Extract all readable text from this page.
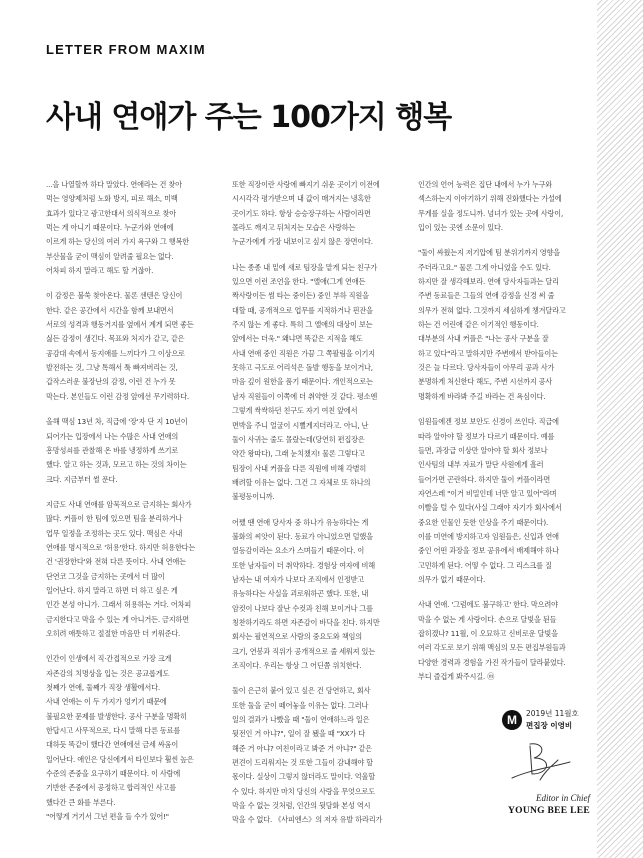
LETTER FROM MAXIM
사내 연애가 주는 100가지 행복

...을 나열할까 하다 말았다. 연애라는 건 찾아
먹는 영양제처럼 노화 방지, 피로 해소, 미백
효과가 있다고 광고한대서 의식적으로 찾아
먹는 게 아니기 때문이다. 누군가와 연애에
이르게 하는 당신의 여러 가지 욕구와 그 행복한
부산물을 굳이 맥심이 알려줄 필요는 없다.
어차피 하지 말라고 해도 할 거잖아.

이 감정은 불쑥 찾아온다. 물론 센텐은 당신이
한다. 같은 공간에서 시간을 함께 보내면서
서로의 성격과 행동거지를 옆에서 계게 되면 좋든
싫든 감정이 생긴다. 목표와 처지가 같고, 같은
공감대 속에서 동지애를 느끼다가 그 이상으로
발전하는 것, 그냥 톡해서 툭 빠져버리는 것,
갑작스러운 불장난의 감정, 이런 건 누가 못
막는다. 본인들도 이런 감정 앞에선 무기력하다.

올해 맥심 13년 차, 직급에 '장'자 단 지 10년이
되어가는 입장에서 나는 수많은 사내 연애의
흥망성쇠를 관찰해 온 바를 냉정하게 쓰기로
했다. 알고 하는 것과, 모르고 하는 것의 차이는
크다. 지금부터 썰 푼다.

지금도 사내 연애를 암묵적으로 금지하는 회사가
많다. 커플이 한 팀에 있으면 팀을 분리하거나
업무 일정을 조정하는 곳도 있다. 맥심은 사내
연애를 명시적으로 '허용'한다. 하지만 허용한다는
건 '권장한다'와 전혀 다른 뜻이다. 사내 연애는
단연코 그것을 금지하는 곳에서 더 많이
일어난다. 하지 말라고 하면 더 하고 싶은 게
인간 본성 아니가. 그래서 허용하는 거다. 어차피
금지한다고 막을 수 있는 게 아니거든. 금지하면
오히려 애틋하고 절절한 마음만 더 키워준다.

인간이 인생에서 직·간접적으로 가장 크게
자존감의 치명상을 입는 것은 공교롭게도
첫째가 연애, 둘째가 직장 생활에서다.
사내 연애는 이 두 가지가 엉키기 때문에
불필요한 문제를 발생한다. 공사 구분을 명확히
한답시고 사무적으로, 다시 말해 다른 동료를
대하듯 똑같이 했다간 연애에선 금세 싸움이
일어난다. 애인은 당신에게서 타인보다 훨씬 높은
수준의 존중을 요구하기 때문이다. 이 사람에
기반한 존중에서 공정하고 합리적인 사고를
했다간 큰 화를 부른다.
"어떻게 거기서 그년 편을 들 수가 있어!"

또한 직장이란 사랑에 빠지기 쉬운 곳이기 이전에
시시각각 평가받으며 내 값이 매겨지는 냉혹한
곳이기도 하다. 항상 승승장구하는 사람이라면
몰라도 깨지고 뒤처지는 모습은 사랑하는
누군가에게 가장 내보이고 싶지 않은 장면이다.

나는 종종 내 밑에 새로 팀장을 맡게 되는 친구가
있으면 이런 조언을 한다. "앨애(그게 연애든
짝사랑이든 썸 타는 중이든) 중인 부하 직원을
대할 때, 공개적으로 업무를 지적하거나 핀잔을
주지 않는 게 좋다. 특히 그 앨애의 대상이 보는
앞에서는 더욱." 왜냐면 똑같은 지적을 해도
사내 연애 중인 직원은 가끔 그 쪽팔림을 이기지
못하고 극도로 어리석은 돌발 행동을 보이거나,
마음 깊이 원한을 품기 때문이다. 개인적으로는
남자 직원들이 이쪽에 더 취약한 것 같다. 평소엔
그렇게 싹싹하던 친구도 자기 여친 앞에서
면박을 주니 얼굴이 시뻘게지더라고. 아니, 난
둘이 사귀는 줄도 몰랐는데(당연히 편집장은
약간 왕따다), 그래 눈치챘지! 물론 그렇다고
팀장이 사내 커플을 다른 직원에 비해 각별히
배려할 이유는 없다. 그건 그 자체로 또 하나의
불평등이니까.

어쨌 땐 연애 당사자 중 하나가 유능하다는 게
불화의 씨앗이 된다. 동료가 아니었으면 덜했을
열등감이라는 요소가 스며들기 때문이다. 이
또한 남자들이 더 취약하다. 경험상 여자에 비해
남자는 내 여자가 나보다 조직에서 인정받고
유능하다는 사실을 괴로워하곤 했다. 또한, 내
암컷이 나보다 잘난 수컷과 친해 보이거나 그를
칭찬하기라도 하면 자존감이 바닥을 친다. 하지만
회사는 필연적으로 사람의 중요도와 책임의
크기, 연봉과 직위가 공개적으로 줄 세워져 있는
조직이다. 우리는 항상 그 어딘쯤 위치한다.

둘이 은근히 붙어 있고 싶은 건 당연하고, 회사
또한 둘을 굳이 떼어놓을 이유는 없다. 그러나
일의 결과가 나빴을 때 "둘이 연애하느라 일은
뒷전인 거 아냐?", 일이 잘 됐을 때 "XX가 다
해준 거 아냐? 여친이라고 봐준 거 아냐?" 같은
편견이 드리워지는 것 또한 그들이 감내해야 할
몫이다. 실상이 그렇지 않더라도 말이다. 억울할
수 있다. 하지만 마치 당신의 사랑을 무엇으로도
막을 수 없는 것처럼, 인간의 뒷담화 본성 역시
막을 수 없다. 《사피엔스》의 저자 유발 하라리가

인간의 언어 능력은 집단 내에서 누가 누구와
섹스하는지 이야기하기 위해 진화했다는 가설에
무게를 실을 정도니까. 넘녀가 있는 곳에 사랑이,
입이 있는 곳엔 소문이 있다.

"둘이 싸웠는지 저기압에 팀 분위기까지 영향을
주더라고요." 물론 그게 아니었을 수도 있다.
하지만 잘 생각해보라. 연애 당사자들과는 달리
주변 동료들은 그들의 연애 감정을 신경 써 줄
의무가 전혀 없다. 그것까지 세심하게 챙겨달라고
하는 건 어린애 같은 이기적인 행동이다.
대부분의 사내 커플은 "나는 공사 구분을 잘
하고 있다"라고 말하지만 주변에서 받아들이는
것은 늘 다르다. 당사자들이 아무리 공과 사가
분명하게 처신한다 해도, 주변 시선까지 공사
명확하게 바라봐 주길 바라는 건 욕심이다.

임원들에겐 정보 보안도 신경이 쓰인다. 직급에
따라 알아야 할 정보가 다르기 때문이다. 예를
들면, 과장급 이상만 알아야 할 회사 정보나
인사팀의 내부 자료가 말단 사원에게 흘러
들어가면 곤란하다. 하지만 둘이 커플이라면
자연스레 "이거 비밀인데 너만 알고 있어"라며
이빨을 털 수 있다(사실 그래야 자기가 회사에서
중요한 인물인 듯한 인상을 주기 때문이다).
이를 미연에 방지하고자 임원들은, 신입과 연애
중인 어떤 과장을 정보 공유에서 배제해야 하나
고민하게 된다. 어떻 수 없다. 그 리스크를 질
의무가 없기 때문이다.

사내 연애. '그럼에도 불구하고' 한다. 막으려야
막을 수 없는 게 사랑이다. 손으로 달빛을 된들
잡히겠나? 11월, 이 오묘하고 신비로운 달빛을
여러 각도로 보기 위해 맥심의 모든 편집부원들과
다양한 경력과 경험을 가진 작가들이 달라붙었다.
부디 즐겁게 봐주시길. ⓜ

M	2019년 11월호
편집장 이영비
Editor in Chief
YOUNG BEE LEE
